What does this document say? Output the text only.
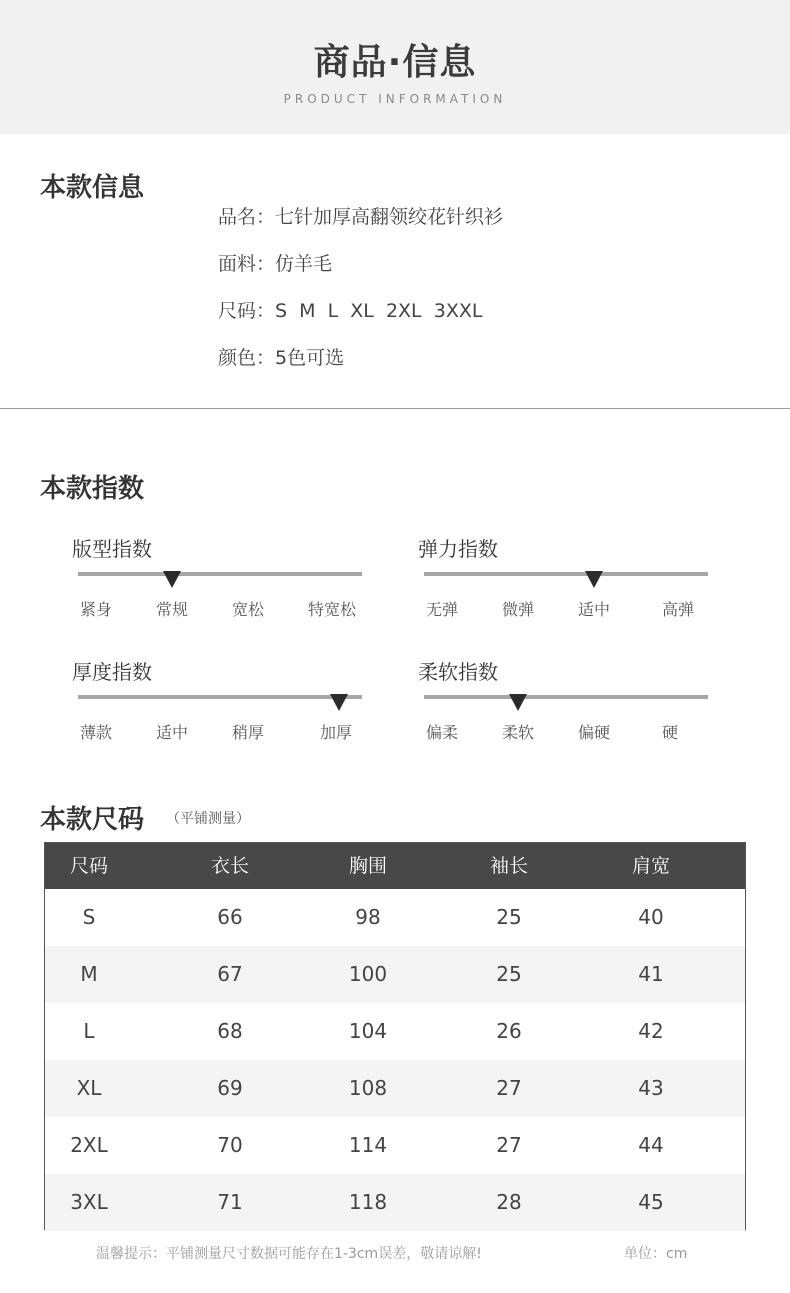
商品·信息
PRODUCT INFORMATION
本款信息
品名：七针加厚高翻领绞花针织衫
面料：仿羊毛
尺码：S  M  L  XL  2XL  3XXL
颜色：5色可选
本款指数
版型指数
紧身	常规	宽松	特宽松
弹力指数
无弹	微弹	适中	高弹
厚度指数
薄款	适中	稍厚	加厚
柔软指数
偏柔	柔软	偏硬	硬
本款尺码 （平铺测量）
尺码	衣长	胸围	袖长	肩宽
S	66	98	25	40
M	67	100	25	41
L	68	104	26	42
XL	69	108	27	43
2XL	70	114	27	44
3XL	71	118	28	45
温馨提示：平铺测量尺寸数据可能存在1-3cm误差，敬请谅解!	单位：cm
